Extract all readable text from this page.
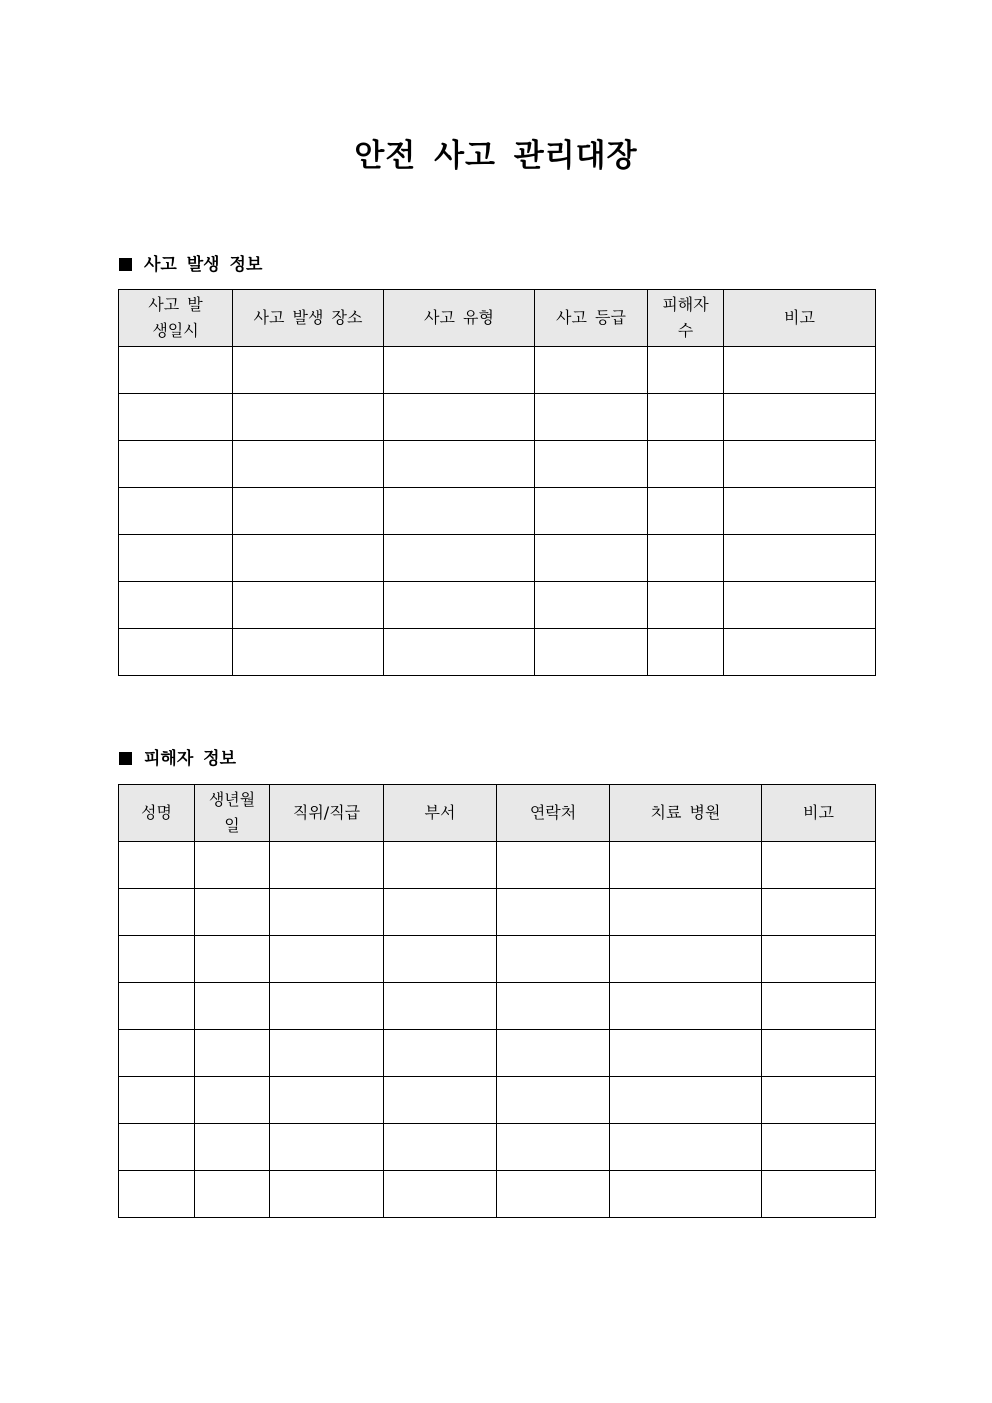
안전 사고 관리대장
사고 발생 정보
사고 발생일시	사고 발생 장소	사고 유형	사고 등급	피해자 수	비고

피해자 정보
성명	생년월일	직위/직급	부서	연락처	치료 병원	비고
